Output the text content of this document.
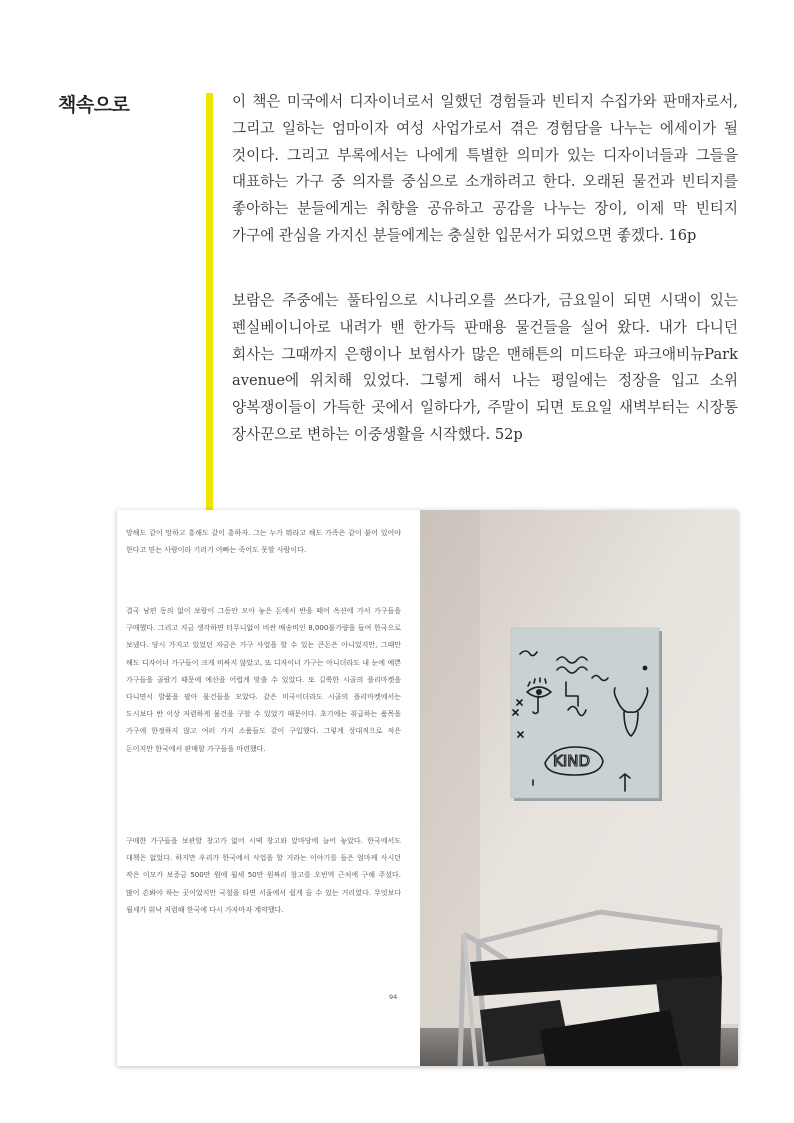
책속으로	이 책은 미국에서 디자이너로서 일했던 경험들과 빈티지 수집가와 판매자로서, 그리고 일하는 엄마이자 여성 사업가로서 겪은 경험담을 나누는 에세이가 될 것이다. 그리고 부록에서는 나에게 특별한 의미가 있는 디자이너들과 그들을 대표하는 가구 중 의자를 중심으로 소개하려고 한다. 오래된 물건과 빈티지를 좋아하는 분들에게는 취향을 공유하고 공감을 나누는 장이, 이제 막 빈티지 가구에 관심을 가지신 분들에게는 충실한 입문서가 되었으면 좋겠다. 16p

보람은 주중에는 풀타임으로 시나리오를 쓰다가, 금요일이 되면 시댁이 있는 펜실베이니아로 내려가 밴 한가득 판매용 물건들을 실어 왔다. 내가 다니던 회사는 그때까지 은행이나 보험사가 많은 맨해튼의 미드타운 파크애비뉴Park avenue에 위치해 있었다. 그렇게 해서 나는 평일에는 정장을 입고 소위 양복쟁이들이 가득한 곳에서 일하다가, 주말이 되면 토요일 새벽부터는 시장통 장사꾼으로 변하는 이중생활을 시작했다. 52p

망해도 같이 망하고 흥해도 같이 흥하자. 그는 누가 뭐라고 해도 가족은 같이 붙어 있어야 한다고 믿는 사람이라 기러기 아빠는 죽어도 못할 사람이다.

결국 남편 동의 없이 보람이 그동안 모아 놓은 돈에서 반을 떼어 옥션에 가서 가구들을 구매했다. 그리고 지금 생각하면 터무니없이 비싼 배송비인 8,000불가량을 들여 한국으로 보냈다. 당시 가지고 있었던 자금은 가구 사업을 할 수 있는 큰돈은 아니었지만, 그때만 해도 디자이너 가구들이 크게 비싸지 않았고, 또 디자이너 가구는 아니더라도 내 눈에 예쁜 가구들을 골랐기 때문에 예산을 어렵게 맞출 수 있었다. 또 길쭉한 시골의 플리마켓을 다니면서 발품을 팔아 물건들을 모았다. 같은 미국이더라도 시골의 플리마켓에서는 도시보다 반 이상 저렴하게 물건을 구할 수 있었기 때문이다. 초기에는 취급하는 품목을 가구에 한정하지 않고 여러 가지 소품들도 같이 구입했다. 그렇게 상대적으로 적은 돈이지만 한국에서 판매할 가구들을 마련했다.

구매한 가구들을 보관할 창고가 없어 시댁 창고와 앞마당에 늘어 놓았다. 한국에서도 대책은 없었다. 하지만 우리가 한국에서 사업을 할 거라는 이야기를 들은 엄마께 사시던 작은 이모가 보증금 500만 원에 월세 50만 원짜리 창고를 오빈역 근처에 구해 주셨다. 많이 손봐야 하는 곳이었지만 국철을 타면 서울에서 쉽게 올 수 있는 거리였다. 무엇보다 월세가 워낙 저렴해 한국에 다시 가자마자 계약했다.

94
KIND
